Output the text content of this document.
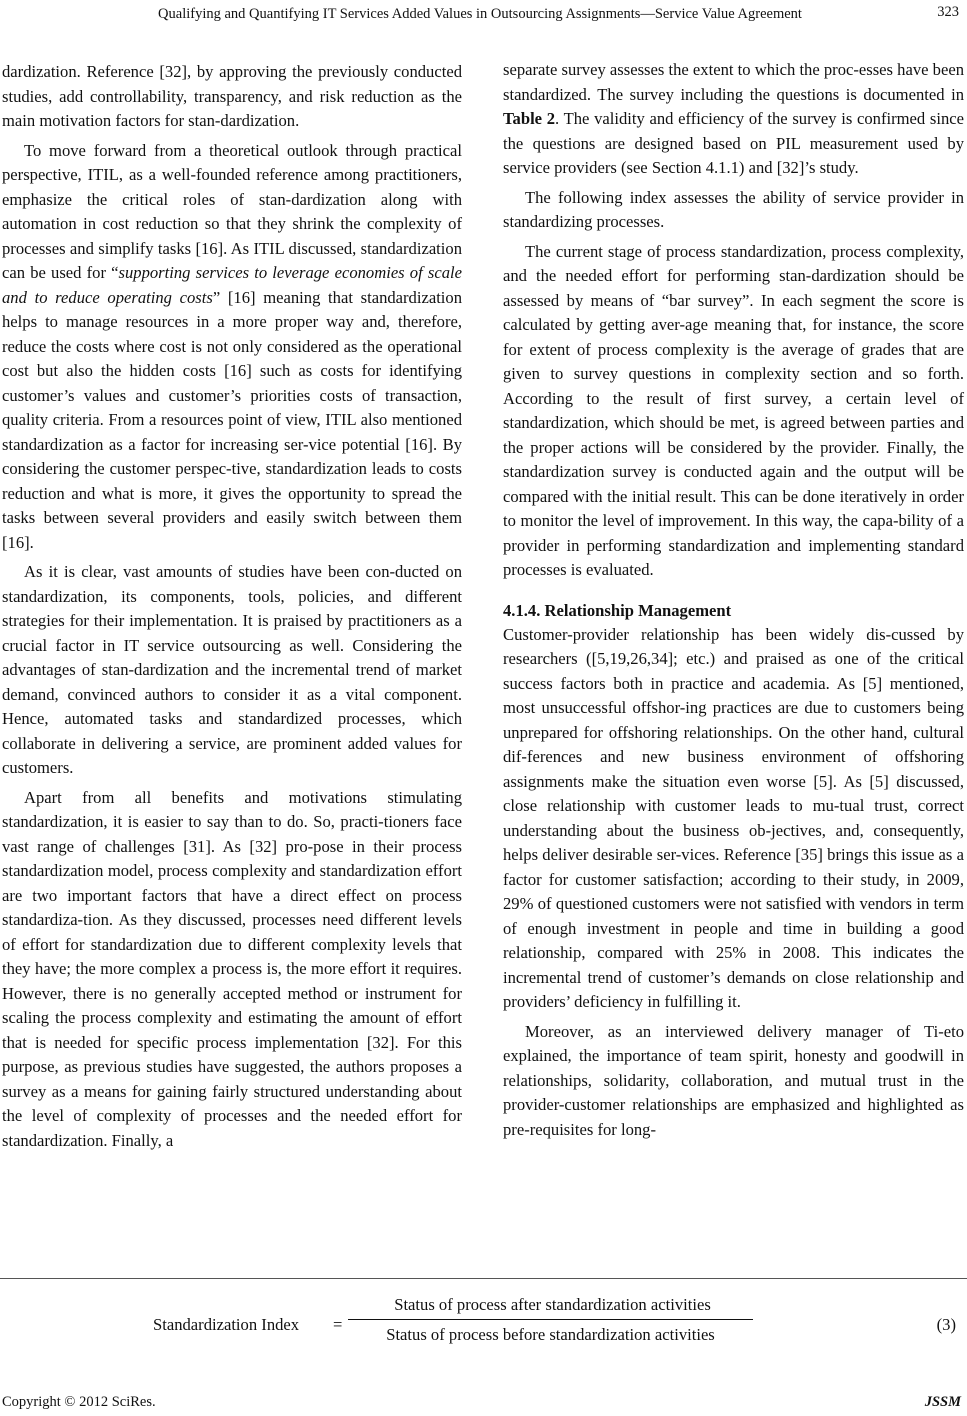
Qualifying and Quantifying IT Services Added Values in Outsourcing Assignments—Service Value Agreement	323

dardization. Reference [32], by approving the previously conducted studies, add controllability, transparency, and risk reduction as the main motivation factors for stan-dardization.

To move forward from a theoretical outlook through practical perspective, ITIL, as a well-founded reference among practitioners, emphasize the critical roles of stan-dardization along with automation in cost reduction so that they shrink the complexity of processes and simplify tasks [16]. As ITIL discussed, standardization can be used for “supporting services to leverage economies of scale and to reduce operating costs” [16] meaning that standardization helps to manage resources in a more proper way and, therefore, reduce the costs where cost is not only considered as the operational cost but also the hidden costs [16] such as costs for identifying customer’s values and customer’s priorities costs of transaction, quality criteria. From a resources point of view, ITIL also mentioned standardization as a factor for increasing ser-vice potential [16]. By considering the customer perspec-tive, standardization leads to costs reduction and what is more, it gives the opportunity to spread the tasks between several providers and easily switch between them [16].

As it is clear, vast amounts of studies have been con-ducted on standardization, its components, tools, policies, and different strategies for their implementation. It is praised by practitioners as a crucial factor in IT service outsourcing as well. Considering the advantages of stan-dardization and the incremental trend of market demand, convinced authors to consider it as a vital component. Hence, automated tasks and standardized processes, which collaborate in delivering a service, are prominent added values for customers.

Apart from all benefits and motivations stimulating standardization, it is easier to say than to do. So, practi-tioners face vast range of challenges [31]. As [32] pro-pose in their process standardization model, process complexity and standardization effort are two important factors that have a direct effect on process standardiza-tion. As they discussed, processes need different levels of effort for standardization due to different complexity levels that they have; the more complex a process is, the more effort it requires. However, there is no generally accepted method or instrument for scaling the process complexity and estimating the amount of effort that is needed for specific process implementation [32]. For this purpose, as previous studies have suggested, the authors proposes a survey as a means for gaining fairly structured understanding about the level of complexity of processes and the needed effort for standardization. Finally, a

separate survey assesses the extent to which the proc-esses have been standardized. The survey including the questions is documented in Table 2. The validity and efficiency of the survey is confirmed since the questions are designed based on PIL measurement used by service providers (see Section 4.1.1) and [32]’s study.

The following index assesses the ability of service provider in standardizing processes.

The current stage of process standardization, process complexity, and the needed effort for performing stan-dardization should be assessed by means of “bar survey”. In each segment the score is calculated by getting aver-age meaning that, for instance, the score for extent of process complexity is the average of grades that are given to survey questions in complexity section and so forth. According to the result of first survey, a certain level of standardization, which should be met, is agreed between parties and the proper actions will be considered by the provider. Finally, the standardization survey is conducted again and the output will be compared with the initial result. This can be done iteratively in order to monitor the level of improvement. In this way, the capa-bility of a provider in performing standardization and implementing standard processes is evaluated.

4.1.4. Relationship Management

Customer-provider relationship has been widely dis-cussed by researchers ([5,19,26,34]; etc.) and praised as one of the critical success factors both in practice and academia. As [5] mentioned, most unsuccessful offshor-ing practices are due to customers being unprepared for offshoring relationships. On the other hand, cultural dif-ferences and new business environment of offshoring assignments make the situation even worse [5]. As [5] discussed, close relationship with customer leads to mu-tual trust, correct understanding about the business ob-jectives, and, consequently, helps deliver desirable ser-vices. Reference [35] brings this issue as a factor for customer satisfaction; according to their study, in 2009, 29% of questioned customers were not satisfied with vendors in term of enough investment in people and time in building a good relationship, compared with 25% in 2008. This indicates the incremental trend of customer’s demands on close relationship and providers’ deficiency in fulfilling it.

Moreover, as an interviewed delivery manager of Ti-eto explained, the importance of team spirit, honesty and goodwill in relationships, solidarity, collaboration, and mutual trust in the provider-customer relationships are emphasized and highlighted as pre-requisites for long-

Standardization Index =
Status of process after standardization activities
Status of process before standardization activities
(3)
Copyright © 2012 SciRes.	JSSM
